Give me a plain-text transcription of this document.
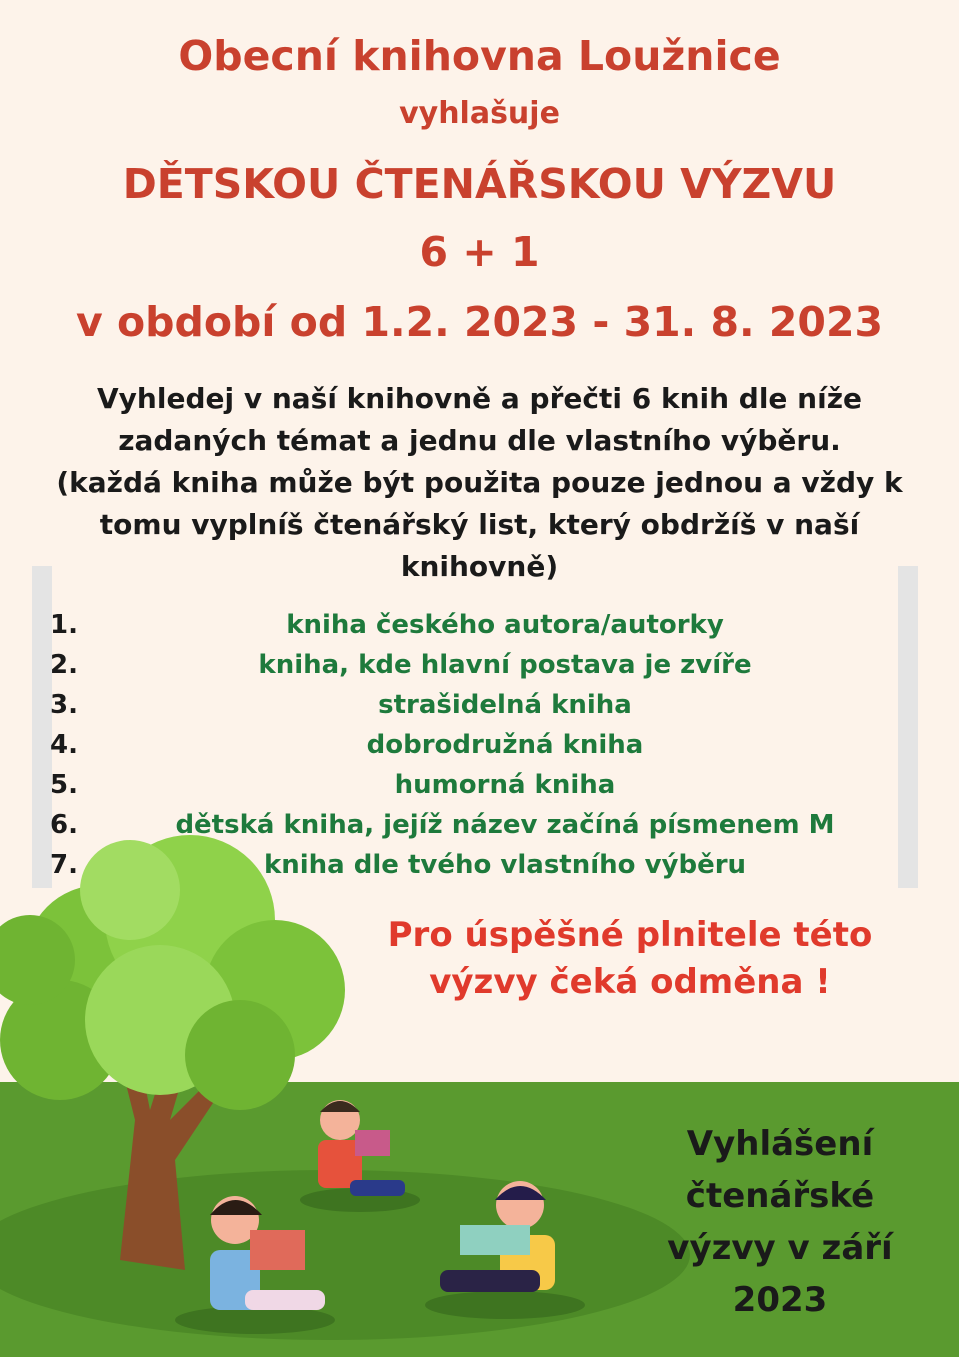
Obecní knihovna Loužnice
vyhlašuje
DĚTSKOU ČTENÁŘSKOU VÝZVU
6 + 1
v období od 1.2. 2023 - 31. 8. 2023
Vyhledej v naší knihovně a přečti 6 knih dle níže
zadaných témat a jednu dle vlastního výběru.
(každá kniha může být použita pouze jednou a vždy k
tomu vyplníš čtenářský list, který obdržíš v naší
knihovně)
1.	kniha českého autora/autorky
2.	kniha, kde hlavní postava je zvíře
3.	strašidelná kniha
4.	dobrodružná kniha
5.	humorná kniha
6.	dětská kniha, jejíž název začíná písmenem M
7.	kniha dle tvého vlastního výběru
Pro úspěšné plnitele této
výzvy čeká odměna !
Vyhlášení
čtenářské
výzvy v září
2023
